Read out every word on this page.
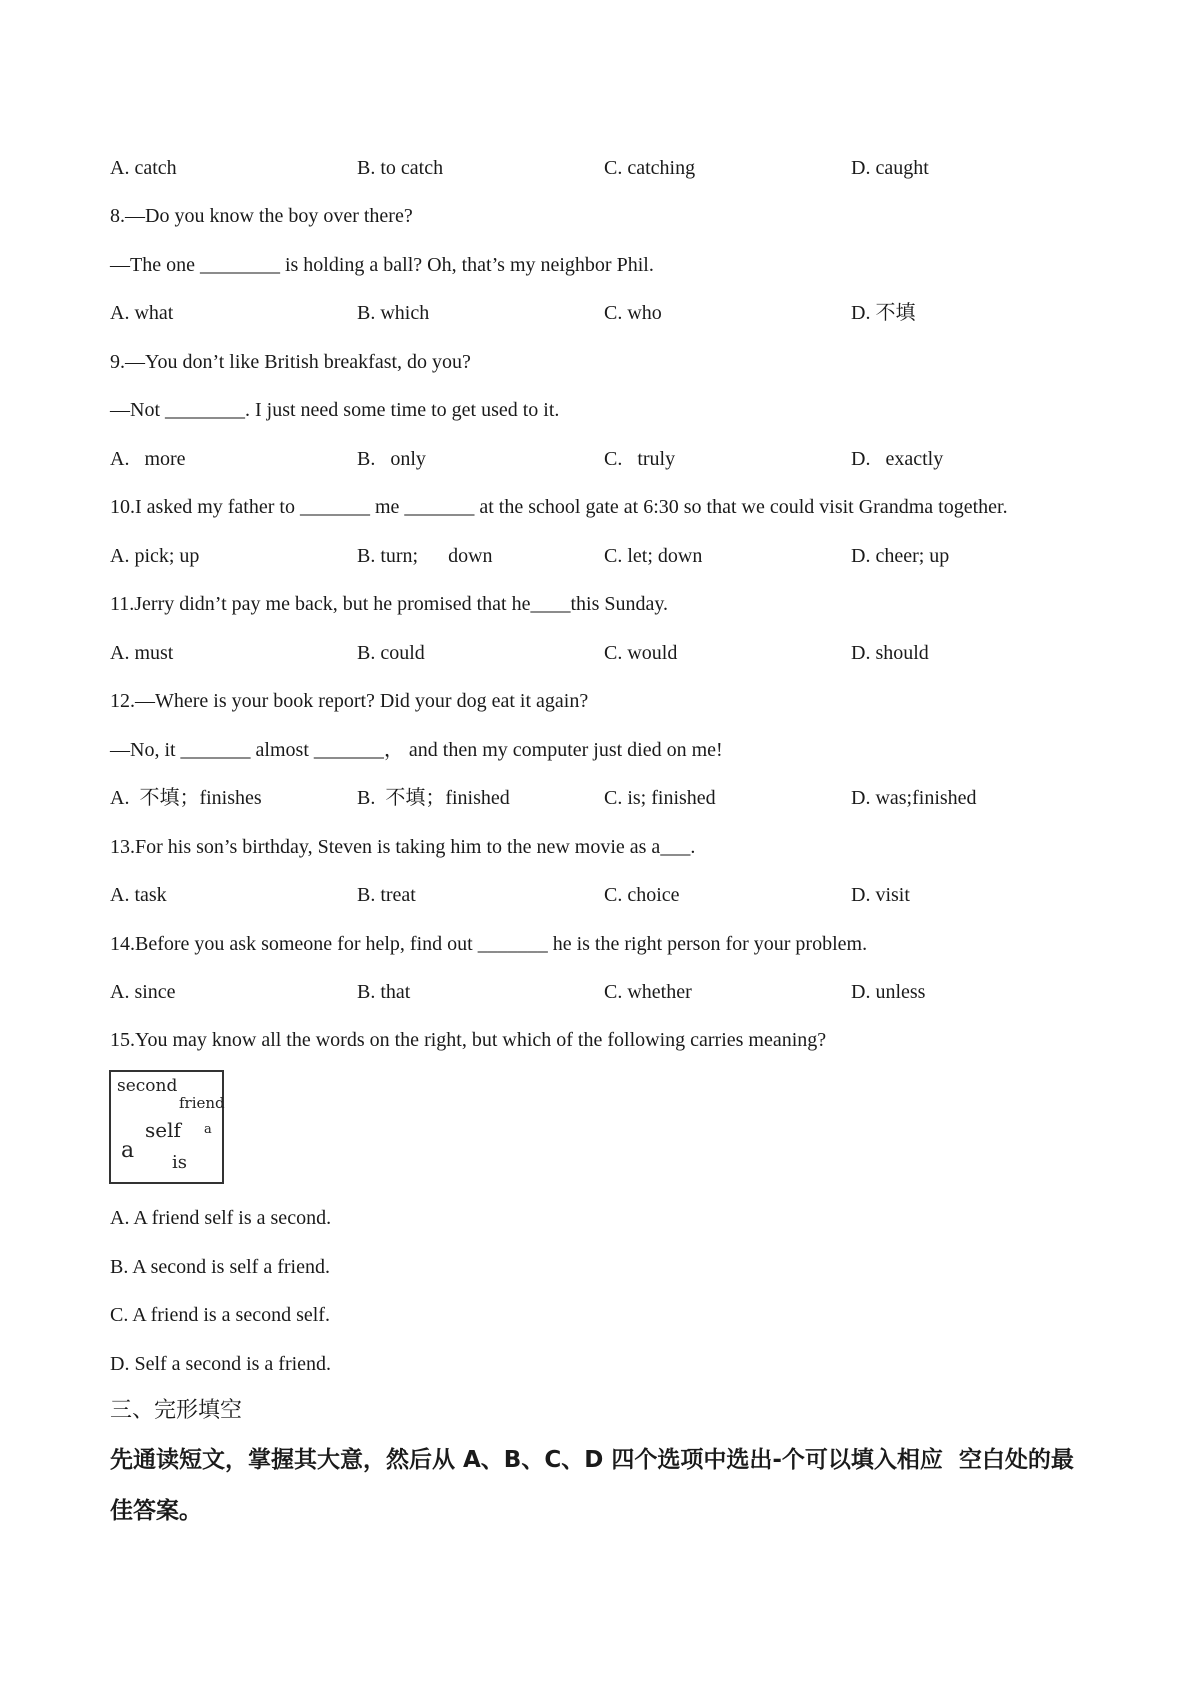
A. catch	B. to catch	C. catching	D. caught
8.—Do you know the boy over there?
—The one ________ is holding a ball? Oh, that’s my neighbor Phil.
A. what	B. which	C. who	D. 不填
9.—You don’t like British breakfast, do you?
—Not ________. I just need some time to get used to it.
A.   more	B.   only	C.   truly	D.   exactly
10.I asked my father to _______ me _______ at the school gate at 6:30 so that we could visit Grandma together.
A. pick; up	B. turn;      down	C. let; down	D. cheer; up
11.Jerry didn’t pay me back, but he promised that he____this Sunday.
A. must	B. could	C. would	D. should
12.—Where is your book report? Did your dog eat it again?
—No, it _______ almost _______， and then my computer just died on me!
A.  不填；finishes	B.  不填；finished	C. is; finished	D. was;finished
13.For his son’s birthday, Steven is taking him to the new movie as a___.
A. task	B. treat	C. choice	D. visit
14.Before you ask someone for help, find out _______ he is the right person for your problem.
A. since	B. that	C. whether	D. unless
15.You may know all the words on the right, but which of the following carries meaning?
second
friend
self a
a is
A. A friend self is a second.
B. A second is self a friend.
C. A friend is a second self.
D. Self a second is a friend.
三、完形填空
先通读短文，掌握其大意，然后从 A、B、C、D 四个选项中选出-个可以填入相应  空白处的最
佳答案。
